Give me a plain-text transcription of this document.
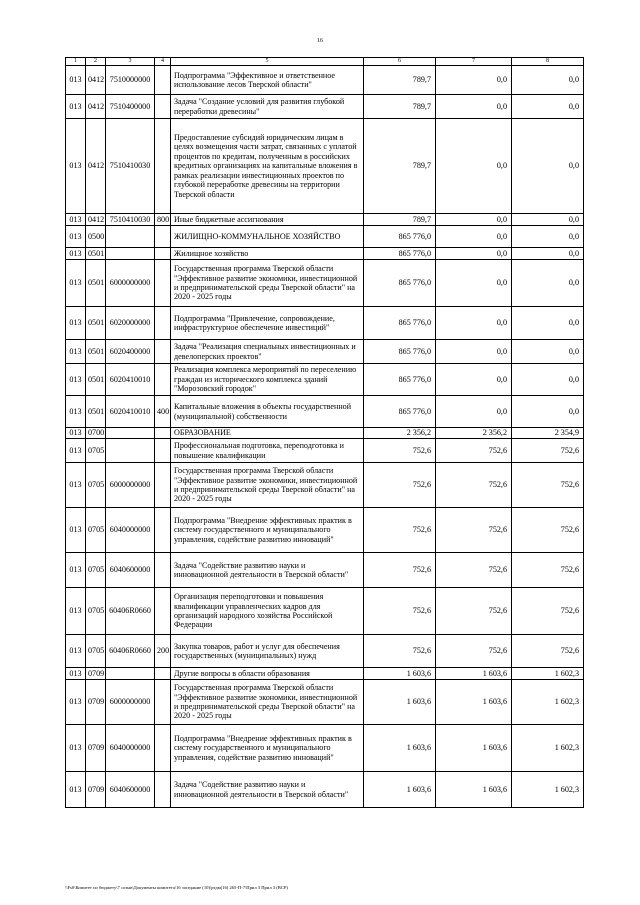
16
1	2	3	4	5	6	7	8
013	0412	7510000000		Подпрограмма "Эффективное и ответственное использование лесов Тверской области"	789,7	0,0	0,0
013	0412	7510400000		Задача "Создание условий для развития глубокой переработки древесины"	789,7	0,0	0,0
013	0412	7510410030		Предоставление субсидий юридическим лицам в целях возмещения части затрат, связанных с уплатой процентов по кредитам, полученным в российских кредитных организациях на капитальные вложения в рамках реализации инвестиционных проектов по глубокой переработке древесины на территории Тверской области	789,7	0,0	0,0
013	0412	7510410030	800	Иные бюджетные ассигнования	789,7	0,0	0,0
013	0500			ЖИЛИЩНО-КОММУНАЛЬНОЕ ХОЗЯЙСТВО	865 776,0	0,0	0,0
013	0501			Жилищное хозяйство	865 776,0	0,0	0,0
013	0501	6000000000		Государственная программа Тверской области "Эффективное развитие экономики, инвестиционной и предпринимательской среды Тверской области" на 2020 - 2025 годы	865 776,0	0,0	0,0
013	0501	6020000000		Подпрограмма "Привлечение, сопровождение, инфраструктурное обеспечение инвестиций"	865 776,0	0,0	0,0
013	0501	6020400000		Задача "Реализация специальных инвестиционных и девелоперских проектов"	865 776,0	0,0	0,0
013	0501	6020410010		Реализация комплекса мероприятий по переселению граждан из исторического комплекса зданий "Морозовский городок"	865 776,0	0,0	0,0
013	0501	6020410010	400	Капитальные вложения в объекты государственной (муниципальной) собственности	865 776,0	0,0	0,0
013	0700			ОБРАЗОВАНИЕ	2 356,2	2 356,2	2 354,9
013	0705			Профессиональная подготовка, переподготовка и повышение квалификации	752,6	752,6	752,6
013	0705	6000000000		Государственная программа Тверской области "Эффективное развитие экономики, инвестиционной и предпринимательской среды Тверской области" на 2020 - 2025 годы	752,6	752,6	752,6
013	0705	6040000000		Подпрограмма "Внедрение эффективных практик в систему государственного и муниципального управления, содействие развитию инноваций"	752,6	752,6	752,6
013	0705	6040600000		Задача "Содействие развитию науки и инновационной деятельности в Тверской области"	752,6	752,6	752,6
013	0705	60406R0660		Организация переподготовки и повышения квалификации управленческих кадров для организаций народного хозяйства Российской Федерации	752,6	752,6	752,6
013	0705	60406R0660	200	Закупка товаров, работ и услуг для обеспечения государственных (муниципальных) нужд	752,6	752,6	752,6
013	0709			Другие вопросы в области образования	1 603,6	1 603,6	1 602,3
013	0709	6000000000		Государственная программа Тверской области "Эффективное развитие экономики, инвестиционной и предпринимательской среды Тверской области" на 2020 - 2025 годы	1 603,6	1 603,6	1 602,3
013	0709	6040000000		Подпрограмма "Внедрение эффективных практик в систему государственного и муниципального управления, содействие развитию инноваций"	1 603,6	1 603,6	1 602,3
013	0709	6040600000		Задача "Содействие развитию науки и инновационной деятельности в Тверской области"	1 603,6	1 603,6	1 602,3
\\Fs0\Комитет по бюджету\7 созыв\Документы комитета\16 заседание (10)\ртдм(16) 265-П-7\Прил 3 Прил 3 (ВСР)
